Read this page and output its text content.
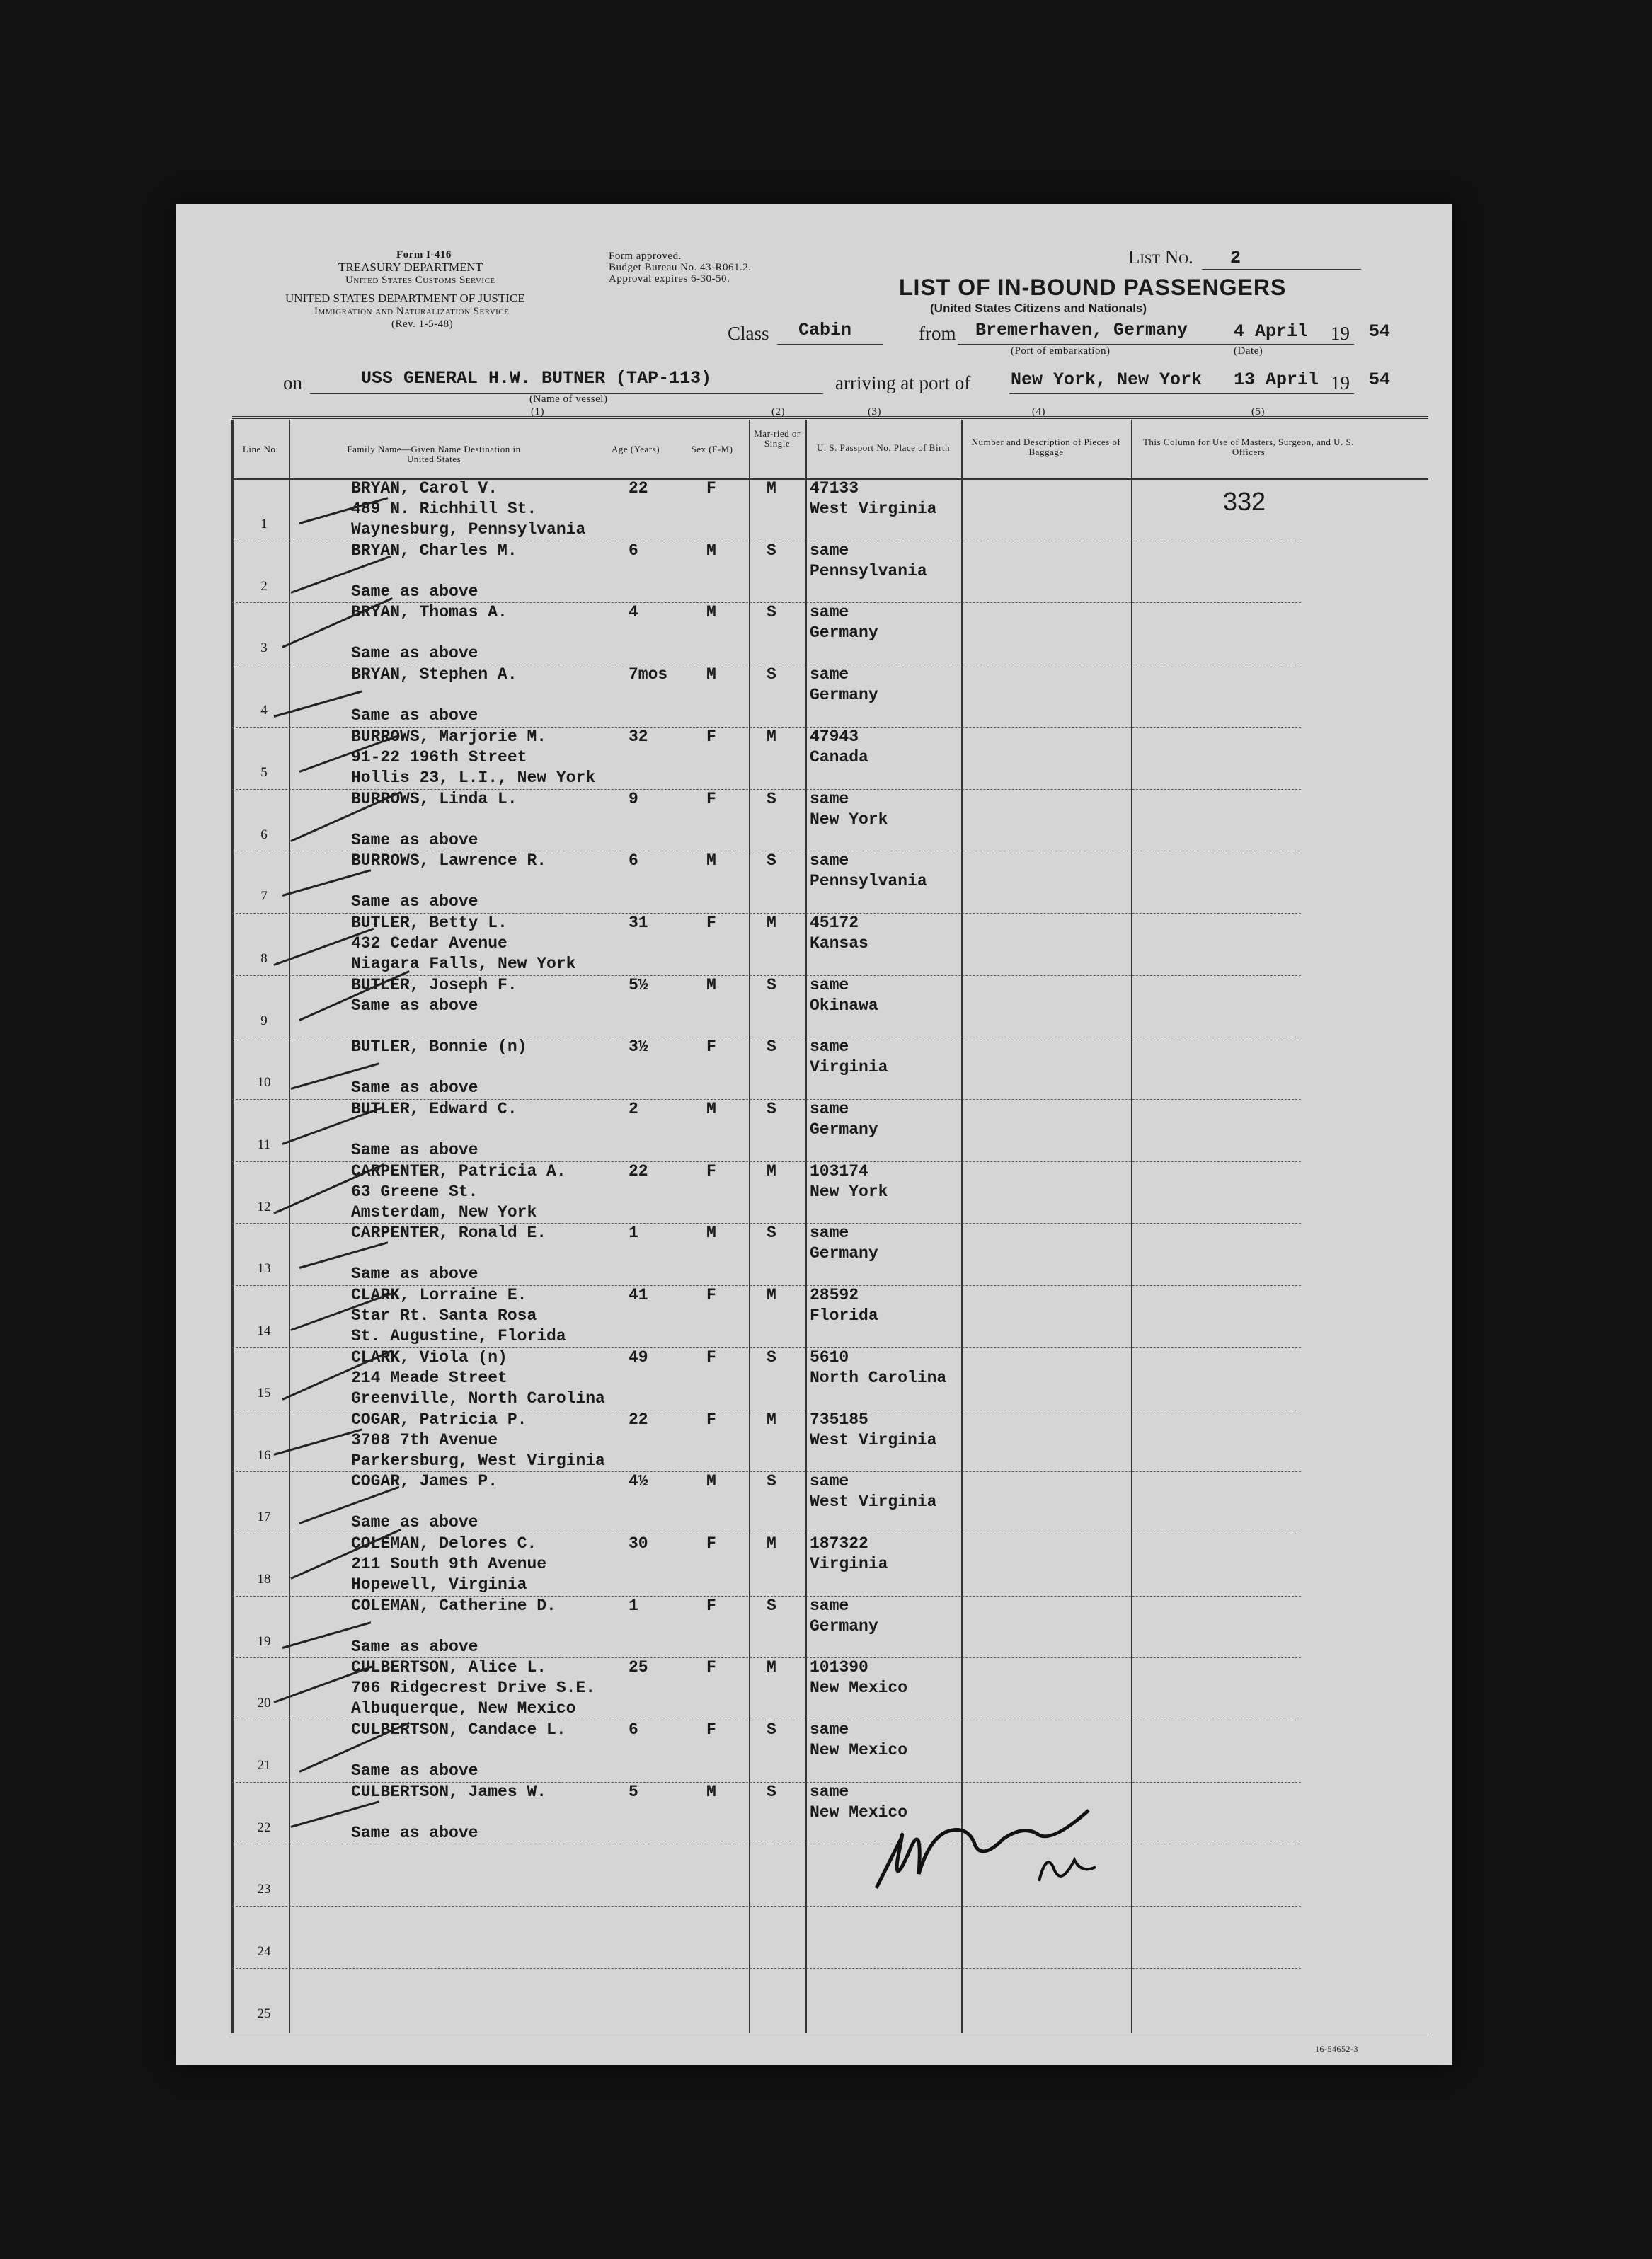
Form I-416
TREASURY DEPARTMENT
United States Customs Service
UNITED STATES DEPARTMENT OF JUSTICE
Immigration and Naturalization Service
(Rev. 1-5-48)
Form approved.
Budget Bureau No. 43-R061.2.
Approval expires 6-30-50.	LIST OF IN-BOUND PASSENGERS
(United States Citizens and Nationals)
List No. 2
Class Cabin	from Bremerhaven, Germany	4 April 19 54
(Port of embarkation)	(Date)
on	USS GENERAL H.W. BUTNER (TAP-113)
(Name of vessel)
arriving at port of New York, New York 13 April 19 54
(1)	(2)	(3)	(4)	(5)
Line No.	Family Name—Given Name Destination in United States
Age (Years)	Sex (F-M)
Mar-ried or Single	U. S. Passport No. Place of Birth
Number and Description of Pieces of Baggage
This Column for Use of Masters, Surgeon, and U. S. Officers
1
BRYAN, Carol V.
489 N. Richhill St.
Waynesburg, Pennsylvania
22	F	M 47133
West Virginia
2
BRYAN, Charles M.
Same as above
6	M	S same
Pennsylvania
3
BRYAN, Thomas A.
Same as above
4	M	S same
Germany
4
BRYAN, Stephen A.
Same as above
7mos M	S same
Germany
5
BURROWS, Marjorie M.
91-22 196th Street
Hollis 23, L.I., New York
32	F	M 47943
Canada
6
BURROWS, Linda L.
Same as above
9	F	S same
New York
7
BURROWS, Lawrence R.
Same as above
6	M	S same
Pennsylvania
8
BUTLER, Betty L.
432 Cedar Avenue
Niagara Falls, New York
31	F	M 45172
Kansas
9
BUTLER, Joseph F.
Same as above
5½	M	S same
Okinawa
10
BUTLER, Bonnie (n)
Same as above
3½	F	S same
Virginia
11
BUTLER, Edward C.
Same as above
2	M	S same
Germany
12
CARPENTER, Patricia A.
63 Greene St.
Amsterdam, New York
22	F	M 103174
New York
13
CARPENTER, Ronald E.
Same as above
1	M	S same
Germany
14
CLARK, Lorraine E.
Star Rt. Santa Rosa
St. Augustine, Florida
41	F	M 28592
Florida
15
CLARK, Viola (n)
214 Meade Street
Greenville, North Carolina
49	F	S 5610
North Carolina
16
COGAR, Patricia P.
3708 7th Avenue
Parkersburg, West Virginia
22	F	M 735185
West Virginia
17
COGAR, James P.
Same as above
4½	M	S same
West Virginia
18
COLEMAN, Delores C.
211 South 9th Avenue
Hopewell, Virginia
30	F	M 187322
Virginia
19
COLEMAN, Catherine D.
Same as above
1	F	S same
Germany
20
CULBERTSON, Alice L.
706 Ridgecrest Drive S.E.
Albuquerque, New Mexico
25	F	M 101390
New Mexico
21
CULBERTSON, Candace L.
Same as above
6	F	S same
New Mexico
22
CULBERTSON, James W.
Same as above
5	M	S same
New Mexico
23
24
25
332
16-54652-3
